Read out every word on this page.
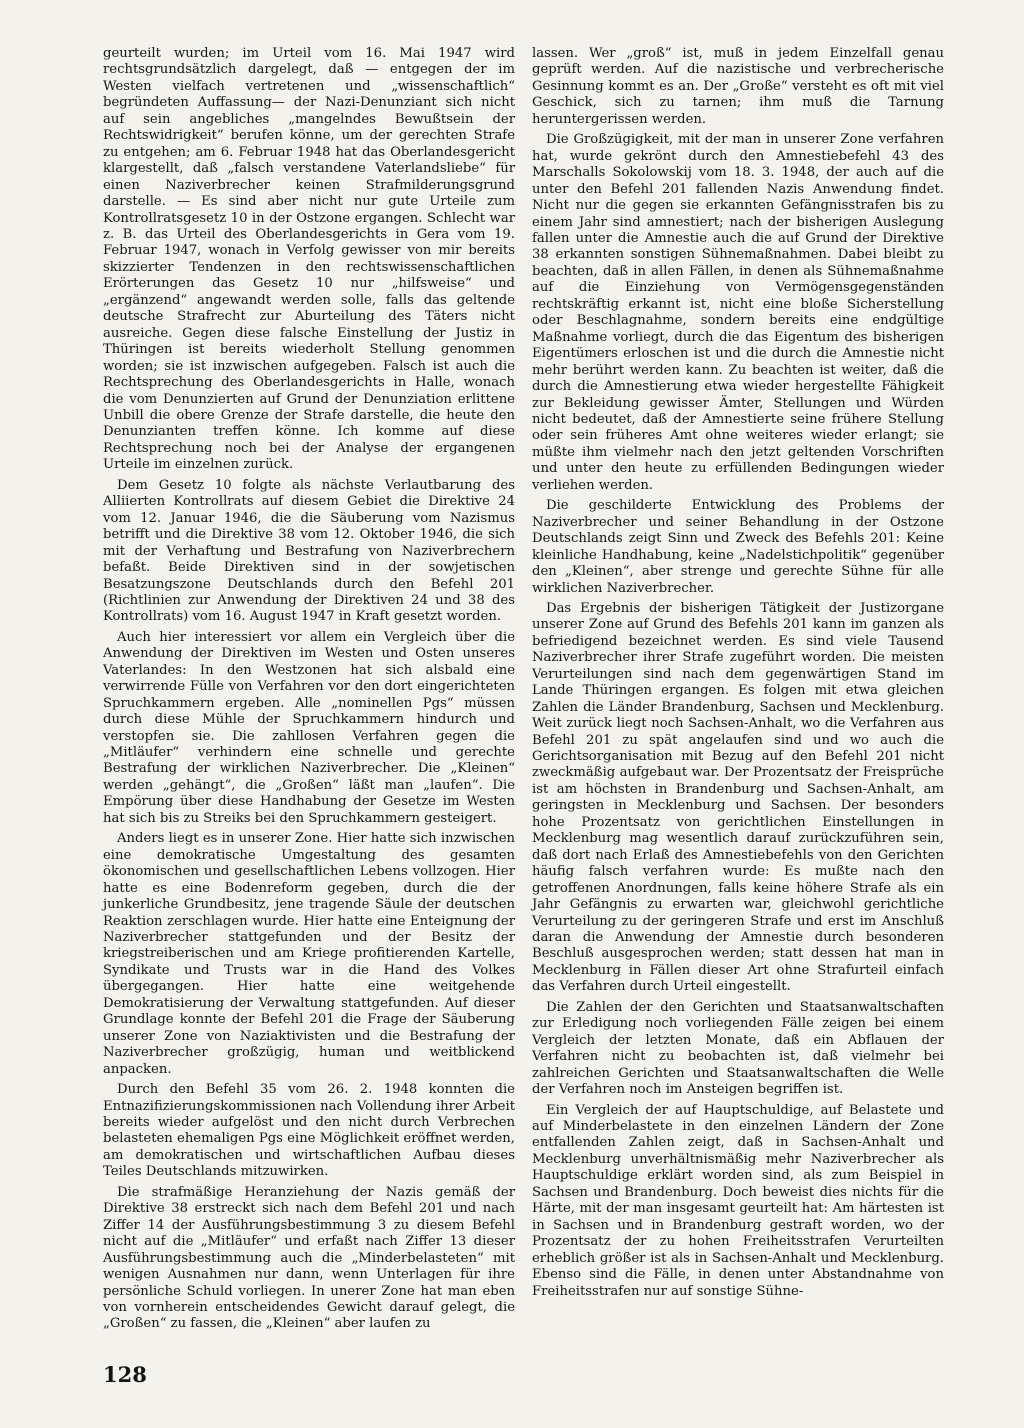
geurteilt wurden; im Urteil vom 16. Mai 1947 wird rechtsgrundsätzlich dargelegt, daß — entgegen der im Westen vielfach vertretenen und „wissenschaftlich“ begründeten Auffassung— der Nazi-Denunziant sich nicht auf sein angebliches „mangelndes Bewußtsein der Rechtswidrigkeit“ berufen könne, um der gerechten Strafe zu entgehen; am 6. Februar 1948 hat das Oberlandesgericht klargestellt, daß „falsch verstandene Vaterlandsliebe“ für einen Naziverbrecher keinen Strafmilderungsgrund darstelle. — Es sind aber nicht nur gute Urteile zum Kontrollratsgesetz 10 in der Ostzone ergangen. Schlecht war z. B. das Urteil des Oberlandesgerichts in Gera vom 19. Februar 1947, wonach in Verfolg gewisser von mir bereits skizzierter Tendenzen in den rechtswissenschaftlichen Erörterungen das Gesetz 10 nur „hilfsweise“ und „ergänzend“ angewandt werden solle, falls das geltende deutsche Strafrecht zur Aburteilung des Täters nicht ausreiche. Gegen diese falsche Einstellung der Justiz in Thüringen ist bereits wiederholt Stellung genommen worden; sie ist inzwischen aufgegeben. Falsch ist auch die Rechtsprechung des Oberlandesgerichts in Halle, wonach die vom Denunzierten auf Grund der Denunziation erlittene Unbill die obere Grenze der Strafe darstelle, die heute den Denunzianten treffen könne. Ich komme auf diese Rechtsprechung noch bei der Analyse der ergangenen Urteile im einzelnen zurück.

Dem Gesetz 10 folgte als nächste Verlautbarung des Alliierten Kontrollrats auf diesem Gebiet die Direktive 24 vom 12. Januar 1946, die die Säuberung vom Nazismus betrifft und die Direktive 38 vom 12. Oktober 1946, die sich mit der Verhaftung und Bestrafung von Naziverbrechern befaßt. Beide Direktiven sind in der sowjetischen Besatzungszone Deutschlands durch den Befehl 201 (Richtlinien zur Anwendung der Direktiven 24 und 38 des Kontrollrats) vom 16. August 1947 in Kraft gesetzt worden.

Auch hier interessiert vor allem ein Vergleich über die Anwendung der Direktiven im Westen und Osten unseres Vaterlandes: In den Westzonen hat sich alsbald eine verwirrende Fülle von Verfahren vor den dort eingerichteten Spruchkammern ergeben. Alle „nominellen Pgs“ müssen durch diese Mühle der Spruchkammern hindurch und verstopfen sie. Die zahllosen Verfahren gegen die „Mitläufer“ verhindern eine schnelle und gerechte Bestrafung der wirklichen Naziverbrecher. Die „Kleinen“ werden „gehängt“, die „Großen“ läßt man „laufen“. Die Empörung über diese Handhabung der Gesetze im Westen hat sich bis zu Streiks bei den Spruchkammern gesteigert.

Anders liegt es in unserer Zone. Hier hatte sich inzwischen eine demokratische Umgestaltung des gesamten ökonomischen und gesellschaftlichen Lebens vollzogen. Hier hatte es eine Bodenreform gegeben, durch die der junkerliche Grundbesitz, jene tragende Säule der deutschen Reaktion zerschlagen wurde. Hier hatte eine Enteignung der Naziverbrecher stattgefunden und der Besitz der kriegstreiberischen und am Kriege profitierenden Kartelle, Syndikate und Trusts war in die Hand des Volkes übergegangen. Hier hatte eine weitgehende Demokratisierung der Verwaltung stattgefunden. Auf dieser Grundlage konnte der Befehl 201 die Frage der Säuberung unserer Zone von Naziaktivisten und die Bestrafung der Naziverbrecher großzügig, human und weitblickend anpacken.

Durch den Befehl 35 vom 26. 2. 1948 konnten die Entnazifizierungskommissionen nach Vollendung ihrer Arbeit bereits wieder aufgelöst und den nicht durch Verbrechen belasteten ehemaligen Pgs eine Möglichkeit eröffnet werden, am demokratischen und wirtschaftlichen Aufbau dieses Teiles Deutschlands mitzuwirken.

Die strafmäßige Heranziehung der Nazis gemäß der Direktive 38 erstreckt sich nach dem Befehl 201 und nach Ziffer 14 der Ausführungsbestimmung 3 zu diesem Befehl nicht auf die „Mitläufer“ und erfaßt nach Ziffer 13 dieser Ausführungsbestimmung auch die „Minderbelasteten“ mit wenigen Ausnahmen nur dann, wenn Unterlagen für ihre persönliche Schuld vorliegen. In unerer Zone hat man eben von vornherein entscheidendes Gewicht darauf gelegt, die „Großen“ zu fassen, die „Kleinen“ aber laufen zu

lassen. Wer „groß“ ist, muß in jedem Einzelfall genau geprüft werden. Auf die nazistische und verbrecherische Gesinnung kommt es an. Der „Große“ versteht es oft mit viel Geschick, sich zu tarnen; ihm muß die Tarnung heruntergerissen werden.

Die Großzügigkeit, mit der man in unserer Zone verfahren hat, wurde gekrönt durch den Amnestiebefehl 43 des Marschalls Sokolowskij vom 18. 3. 1948, der auch auf die unter den Befehl 201 fallenden Nazis Anwendung findet. Nicht nur die gegen sie erkannten Gefängnisstrafen bis zu einem Jahr sind amnestiert; nach der bisherigen Auslegung fallen unter die Amnestie auch die auf Grund der Direktive 38 erkannten sonstigen Sühnemaßnahmen. Dabei bleibt zu beachten, daß in allen Fällen, in denen als Sühnemaßnahme auf die Einziehung von Vermögensgegenständen rechtskräftig erkannt ist, nicht eine bloße Sicherstellung oder Beschlagnahme, sondern bereits eine endgültige Maßnahme vorliegt, durch die das Eigentum des bisherigen Eigentümers erloschen ist und die durch die Amnestie nicht mehr berührt werden kann. Zu beachten ist weiter, daß die durch die Amnestierung etwa wieder hergestellte Fähigkeit zur Bekleidung gewisser Ämter, Stellungen und Würden nicht bedeutet, daß der Amnestierte seine frühere Stellung oder sein früheres Amt ohne weiteres wieder erlangt; sie müßte ihm vielmehr nach den jetzt geltenden Vorschriften und unter den heute zu erfüllenden Bedingungen wieder verliehen werden.

Die geschilderte Entwicklung des Problems der Naziverbrecher und seiner Behandlung in der Ostzone Deutschlands zeigt Sinn und Zweck des Befehls 201: Keine kleinliche Handhabung, keine „Nadelstichpolitik“ gegenüber den „Kleinen“, aber strenge und gerechte Sühne für alle wirklichen Naziverbrecher.

Das Ergebnis der bisherigen Tätigkeit der Justizorgane unserer Zone auf Grund des Befehls 201 kann im ganzen als befriedigend bezeichnet werden. Es sind viele Tausend Naziverbrecher ihrer Strafe zugeführt worden. Die meisten Verurteilungen sind nach dem gegenwärtigen Stand im Lande Thüringen ergangen. Es folgen mit etwa gleichen Zahlen die Länder Brandenburg, Sachsen und Mecklenburg. Weit zurück liegt noch Sachsen-Anhalt, wo die Verfahren aus Befehl 201 zu spät angelaufen sind und wo auch die Gerichtsorganisation mit Bezug auf den Befehl 201 nicht zweckmäßig aufgebaut war. Der Prozentsatz der Freisprüche ist am höchsten in Brandenburg und Sachsen-Anhalt, am geringsten in Mecklenburg und Sachsen. Der besonders hohe Prozentsatz von gerichtlichen Einstellungen in Mecklenburg mag wesentlich darauf zurückzuführen sein, daß dort nach Erlaß des Amnestiebefehls von den Gerichten häufig falsch verfahren wurde: Es mußte nach den getroffenen Anordnungen, falls keine höhere Strafe als ein Jahr Gefängnis zu erwarten war, gleichwohl gerichtliche Verurteilung zu der geringeren Strafe und erst im Anschluß daran die Anwendung der Amnestie durch besonderen Beschluß ausgesprochen werden; statt dessen hat man in Mecklenburg in Fällen dieser Art ohne Strafurteil einfach das Verfahren durch Urteil eingestellt.

Die Zahlen der den Gerichten und Staatsanwaltschaften zur Erledigung noch vorliegenden Fälle zeigen bei einem Vergleich der letzten Monate, daß ein Abflauen der Verfahren nicht zu beobachten ist, daß vielmehr bei zahlreichen Gerichten und Staatsanwaltschaften die Welle der Verfahren noch im Ansteigen begriffen ist.

Ein Vergleich der auf Hauptschuldige, auf Belastete und auf Minderbelastete in den einzelnen Ländern der Zone entfallenden Zahlen zeigt, daß in Sachsen-Anhalt und Mecklenburg unverhältnismäßig mehr Naziverbrecher als Hauptschuldige erklärt worden sind, als zum Beispiel in Sachsen und Brandenburg. Doch beweist dies nichts für die Härte, mit der man insgesamt geurteilt hat: Am härtesten ist in Sachsen und in Brandenburg gestraft worden, wo der Prozentsatz der zu hohen Freiheitsstrafen Verurteilten erheblich größer ist als in Sachsen-Anhalt und Mecklenburg. Ebenso sind die Fälle, in denen unter Abstandnahme von Freiheitsstrafen nur auf sonstige Sühne-

128
